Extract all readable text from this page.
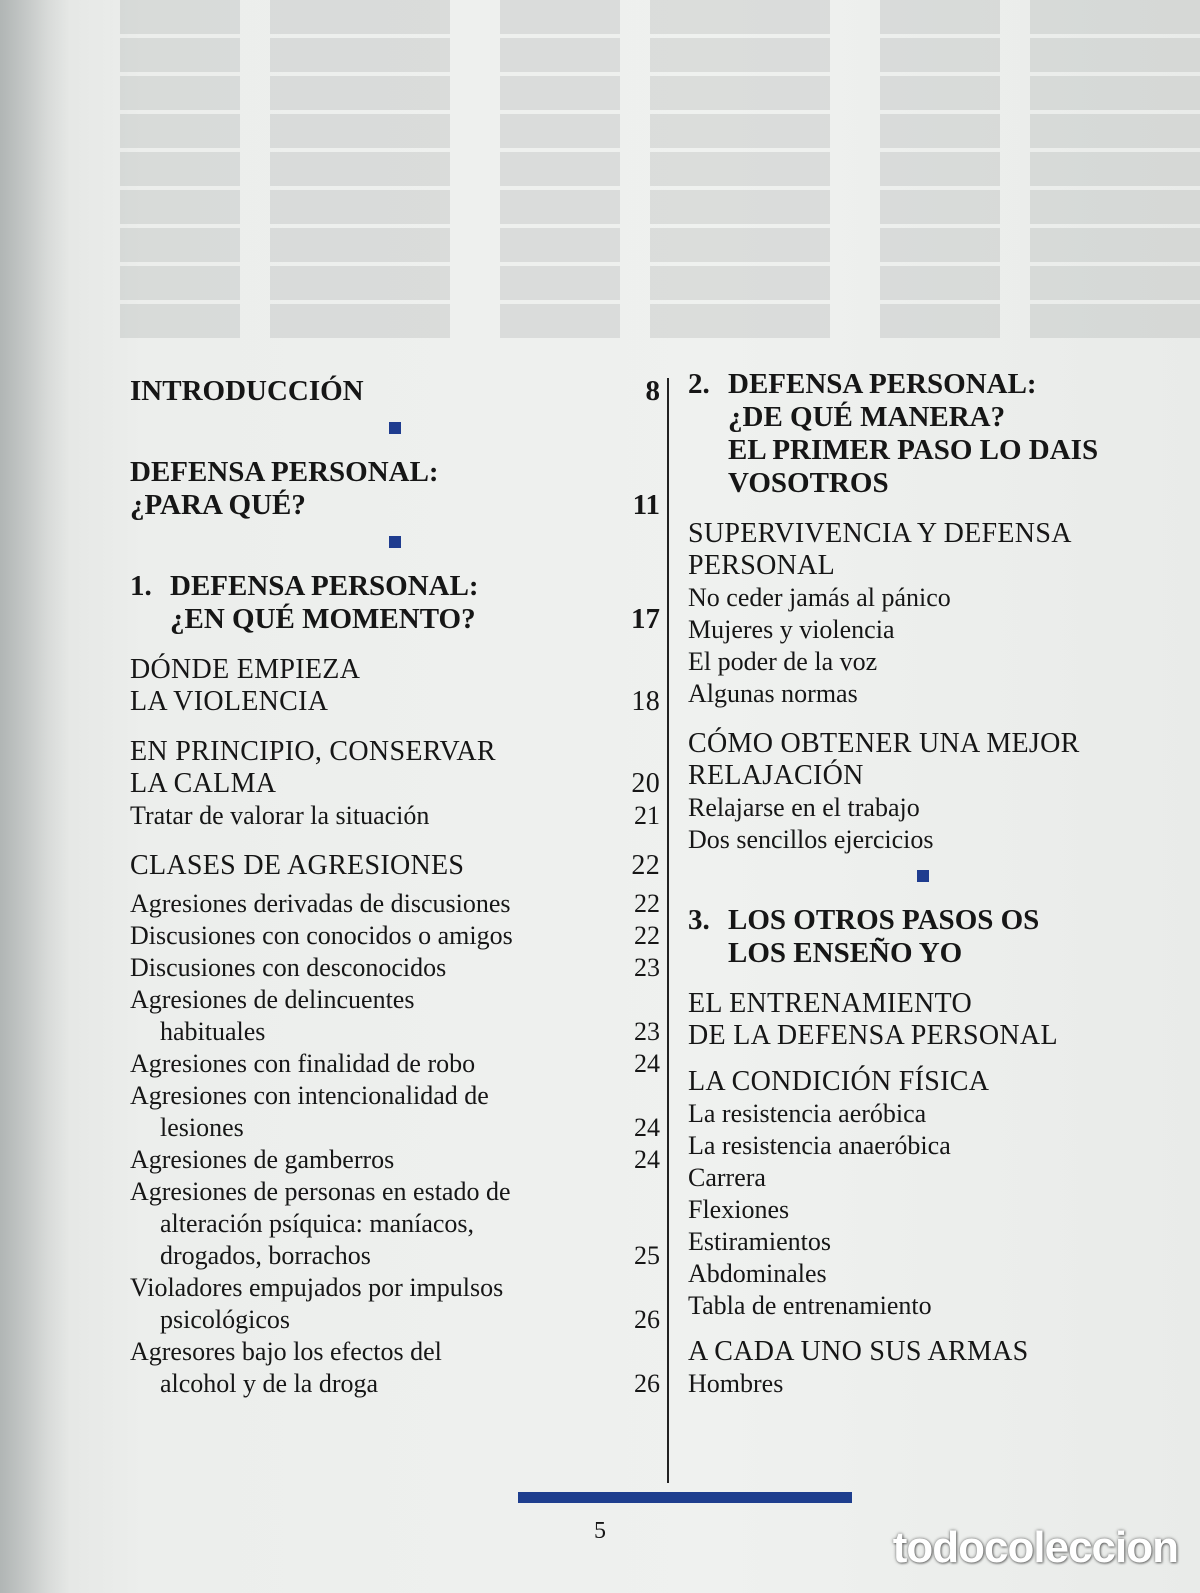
INTRODUCCIÓN	8
DEFENSA PERSONAL:
¿PARA QUÉ?	11
1. DEFENSA PERSONAL:
¿EN QUÉ MOMENTO?	17
DÓNDE EMPIEZA
LA VIOLENCIA	18
EN PRINCIPIO, CONSERVAR
LA CALMA	20
Tratar de valorar la situación	21
CLASES DE AGRESIONES	22
Agresiones derivadas de discusiones	22
Discusiones con conocidos o amigos	22
Discusiones con desconocidos	23
Agresiones de delincuentes
habituales	23
Agresiones con finalidad de robo	24
Agresiones con intencionalidad de
lesiones	24
Agresiones de gamberros	24
Agresiones de personas en estado de
alteración psíquica: maníacos,
drogados, borrachos	25
Violadores empujados por impulsos
psicológicos	26
Agresores bajo los efectos del
alcohol y de la droga	26
2. DEFENSA PERSONAL:
¿DE QUÉ MANERA?
EL PRIMER PASO LO DAIS
VOSOTROS
SUPERVIVENCIA Y DEFENSA
PERSONAL
No ceder jamás al pánico
Mujeres y violencia
El poder de la voz
Algunas normas
CÓMO OBTENER UNA MEJOR
RELAJACIÓN
Relajarse en el trabajo
Dos sencillos ejercicios
3. LOS OTROS PASOS OS
LOS ENSEÑO YO
EL ENTRENAMIENTO
DE LA DEFENSA PERSONAL
LA CONDICIÓN FÍSICA
La resistencia aeróbica
La resistencia anaeróbica
Carrera
Flexiones
Estiramientos
Abdominales
Tabla de entrenamiento
A CADA UNO SUS ARMAS
Hombres
5	todocoleccion
